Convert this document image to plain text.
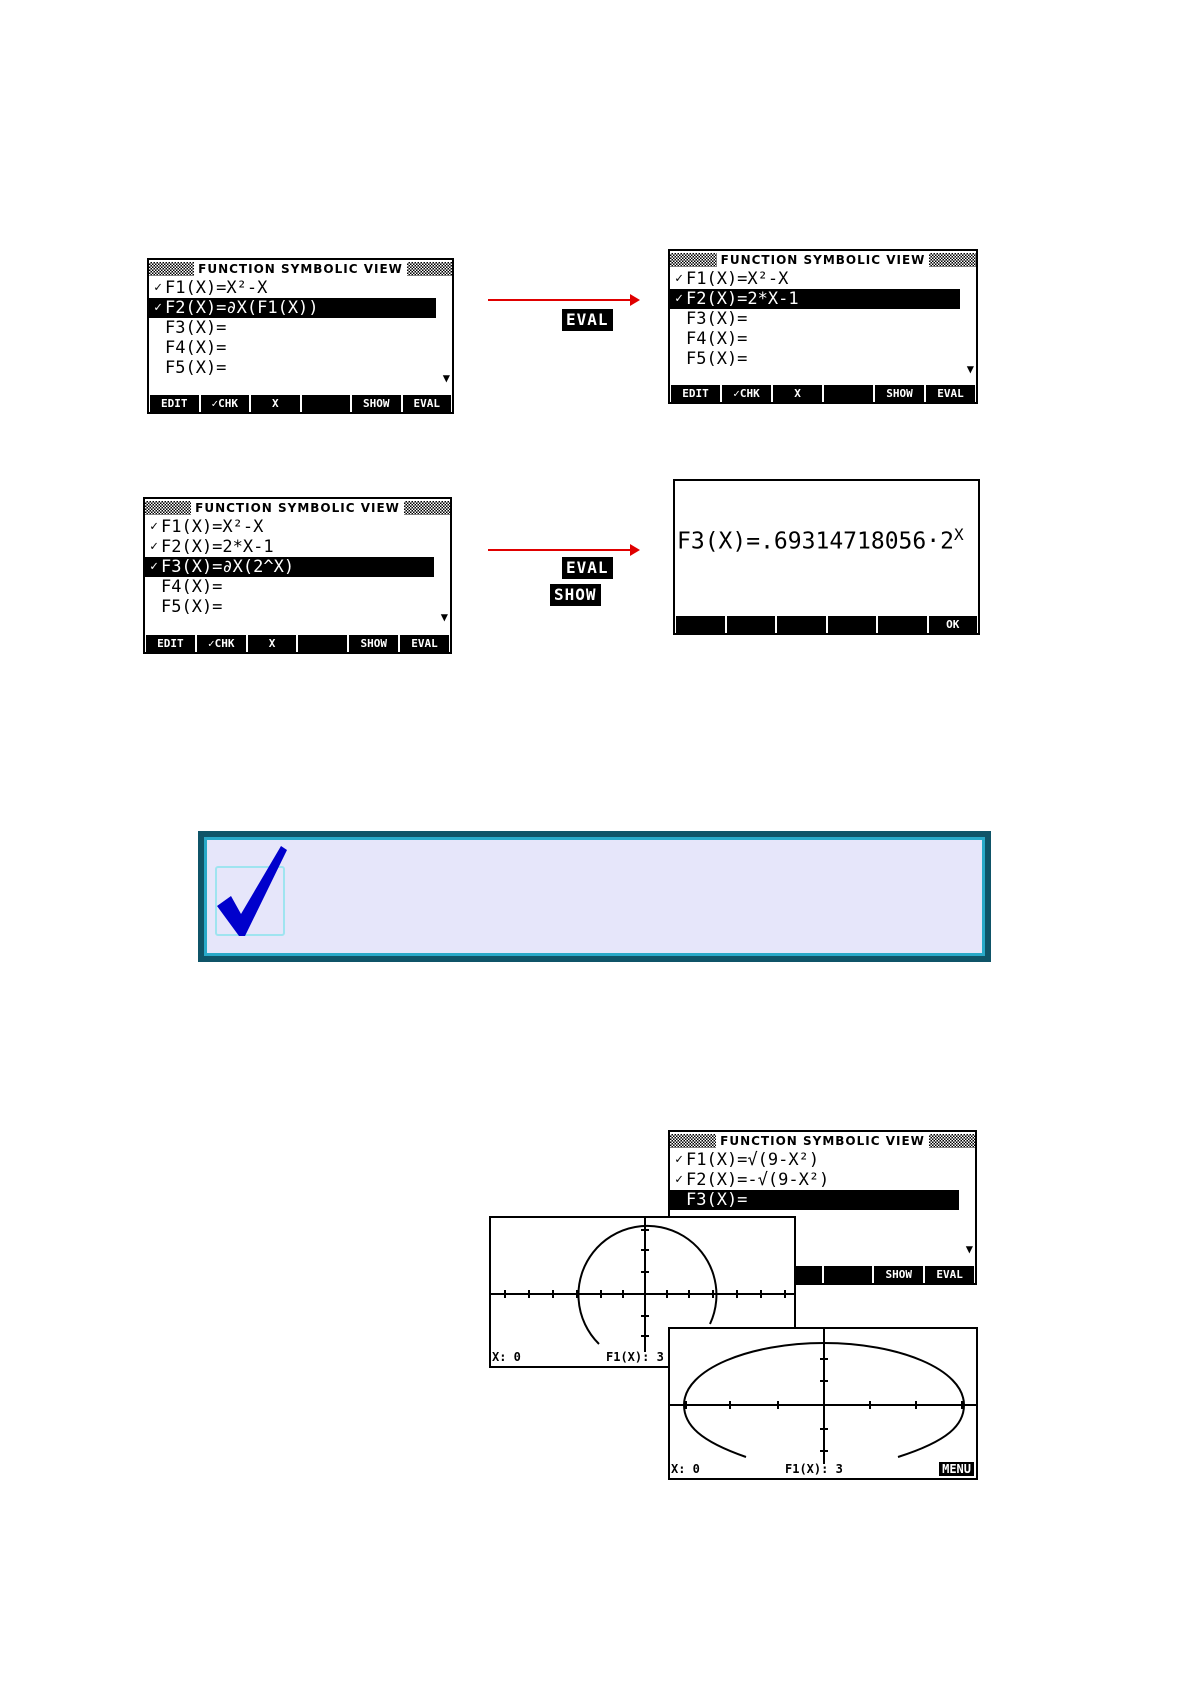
FUNCTION SYMBOLIC VIEW
✓ F1(X)=X²-X
✓ F2(X)=∂X(F1(X))
F3(X)=
F4(X)=
F5(X)=	▼
EDIT	✓CHK	X	SHOW	EVAL
EVAL
FUNCTION SYMBOLIC VIEW
✓ F1(X)=X²-X
✓ F2(X)=2*X-1
F3(X)=
F4(X)=
F5(X)=	▼
EDIT	✓CHK	X	SHOW	EVAL
FUNCTION SYMBOLIC VIEW
✓ F1(X)=X²-X
✓ F2(X)=2*X-1
✓ F3(X)=∂X(2^X)
F4(X)=
F5(X)=	▼
EDIT	✓CHK	X	SHOW	EVAL
EVAL
SHOW
$F3(X)=.69314718056\cdot 2^X$
OK
FUNCTION SYMBOLIC VIEW
✓ F1(X)=√(9-X²)
✓ F2(X)=-√(9-X²)
F3(X)=
▼
SHOW	EVAL
X: 0	F1(X): 3
X: 0	F1(X): 3	MENU
